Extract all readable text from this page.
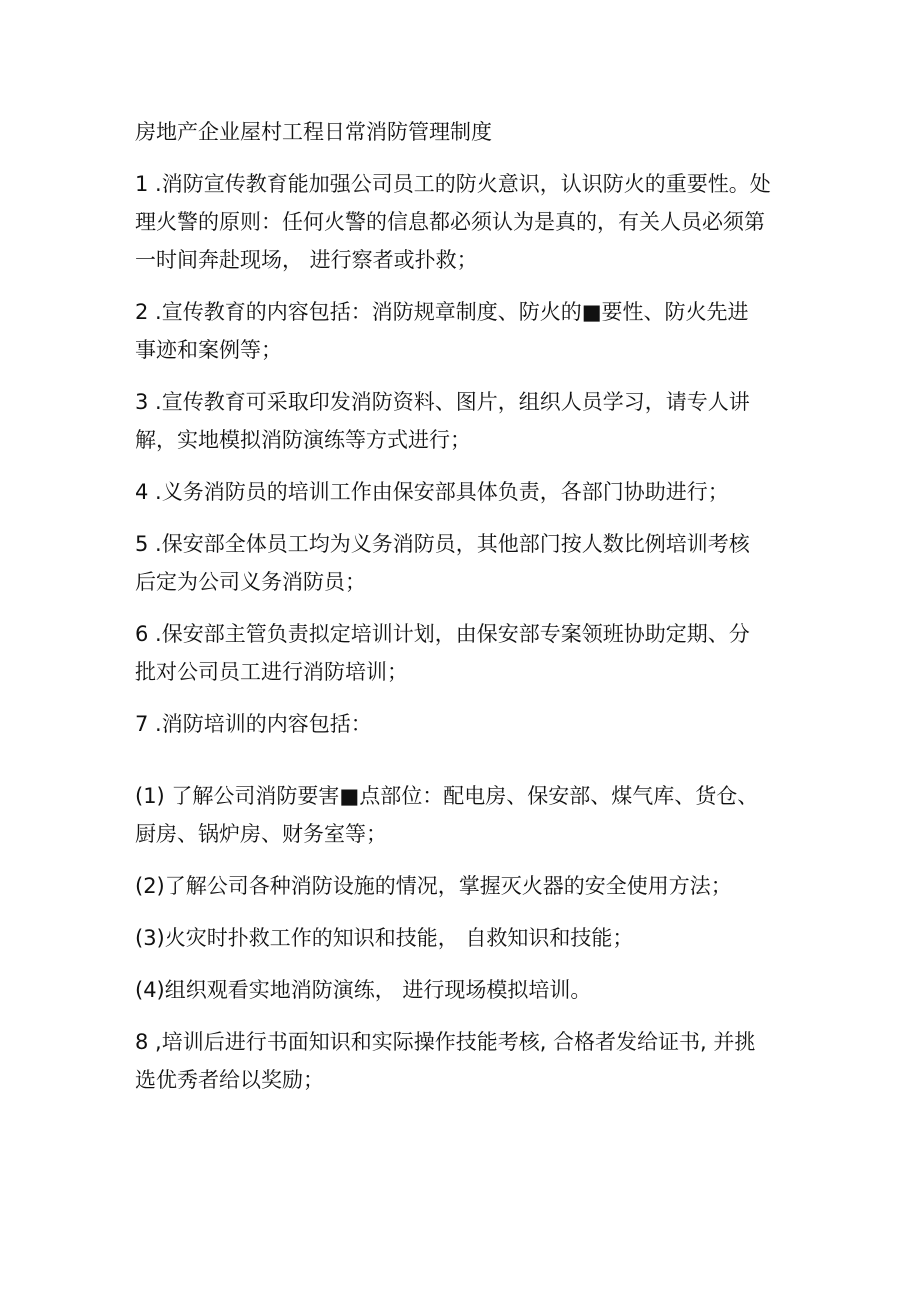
房地产企业屋村工程日常消防管理制度
1 .消防宣传教育能加强公司员工的防火意识，认识防火的重要性。处
理火警的原则：任何火警的信息都必须认为是真的，有关人员必须第
一时间奔赴现场， 进行察者或扑救；
2 .宣传教育的内容包括：消防规章制度、防火的■要性、防火先进
事迹和案例等；
3 .宣传教育可采取印发消防资料、图片，组织人员学习，请专人讲
解，实地模拟消防演练等方式进行；
4 .义务消防员的培训工作由保安部具体负责，各部门协助进行；
5 .保安部全体员工均为义务消防员，其他部门按人数比例培训考核
后定为公司义务消防员；
6 .保安部主管负责拟定培训计划，由保安部专案领班协助定期、分
批对公司员工进行消防培训；
7 .消防培训的内容包括：
(1) 了解公司消防要害■点部位：配电房、保安部、煤气库、货仓、
厨房、锅炉房、财务室等；
(2)了解公司各种消防设施的情况，掌握灭火器的安全使用方法；
(3)火灾时扑救工作的知识和技能， 自救知识和技能；
(4)组织观看实地消防演练， 进行现场模拟培训。
8 ,培训后进行书面知识和实际操作技能考核, 合格者发给证书, 并挑
选优秀者给以奖励；
